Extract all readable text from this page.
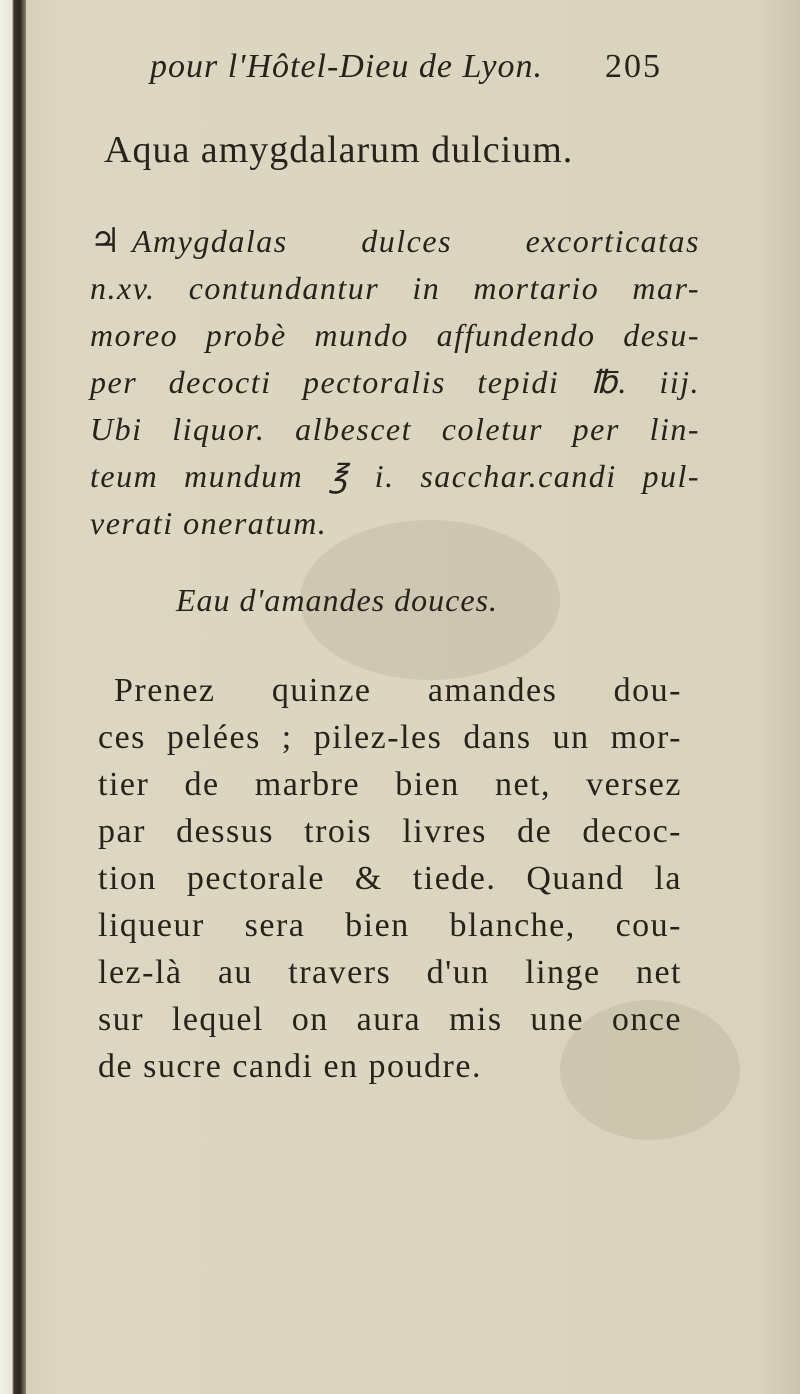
pour l'Hôtel-Dieu de Lyon. 205
Aqua amygdalarum dulcium.
♃ Amygdalas dulces excorticatas
n.xv. contundantur in mortario mar-
moreo probè mundo affundendo desu-
per decocti pectoralis tepidi ℔. iij.
Ubi liquor. albescet coletur per lin-
teum mundum ℥ i. sacchar.candi pul-
verati oneratum.
Eau d'amandes douces.
Prenez quinze amandes dou-
ces pelées ; pilez-les dans un mor-
tier de marbre bien net, versez
par dessus trois livres de decoc-
tion pectorale & tiede. Quand la
liqueur sera bien blanche, cou-
lez-là au travers d'un linge net
sur lequel on aura mis une once
de sucre candi en poudre.
